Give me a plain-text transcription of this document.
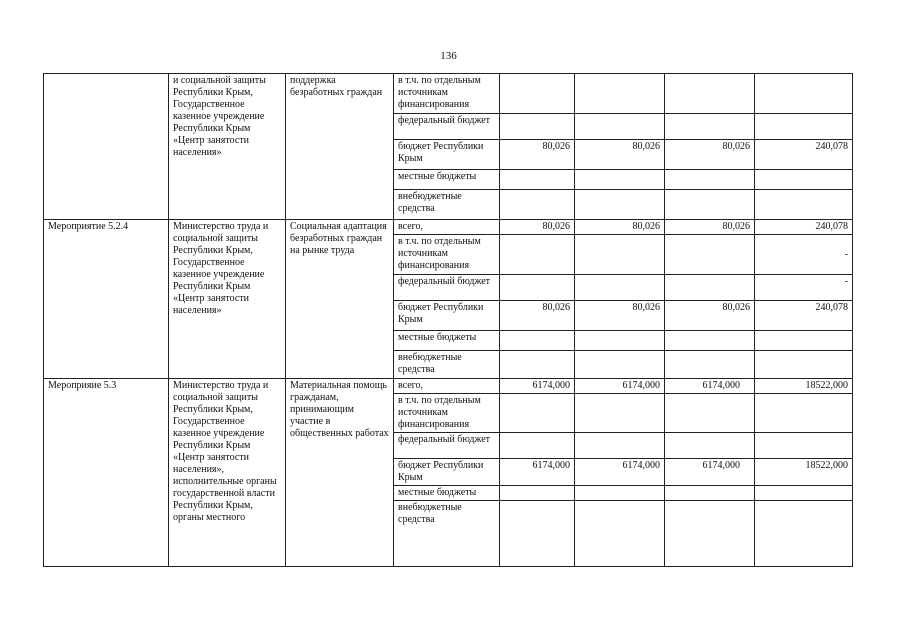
136
	и социальной защиты Республики Крым, Государственное казенное учреждение Республики Крым «Центр занятости населения»	поддержка безработных граждан	в т.ч. по отдельным источникам финансирования				
			федеральный бюджет				
			бюджет Республики Крым	80,026	80,026	80,026	240,078
			местные бюджеты				
			внебюджетные средства				
Мероприятие 5.2.4	Министерство труда и социальной защиты Республики Крым, Государственное казенное учреждение Республики Крым «Центр занятости населения»	Социальная адаптация безработных граждан на рынке труда	всего,	80,026	80,026	80,026	240,078
			в т.ч. по отдельным источникам финансирования				-
			федеральный бюджет				-
			бюджет Республики Крым	80,026	80,026	80,026	240,078
			местные бюджеты				
			внебюджетные средства				
Мероприяие 5.3	Министерство труда и социальной защиты Республики Крым, Государственное казенное учреждение Республики Крым «Центр занятости населения», исполнительные органы государственной власти Республики Крым, органы местного	Материальная помощь гражданам, принимающим участие в общественных работах	всего,	6174,000	6174,000	6174,000	18522,000
			в т.ч. по отдельным источникам финансирования				
			федеральный бюджет				
			бюджет Республики Крым	6174,000	6174,000	6174,000	18522,000
			местные бюджеты				
			внебюджетные средства				
